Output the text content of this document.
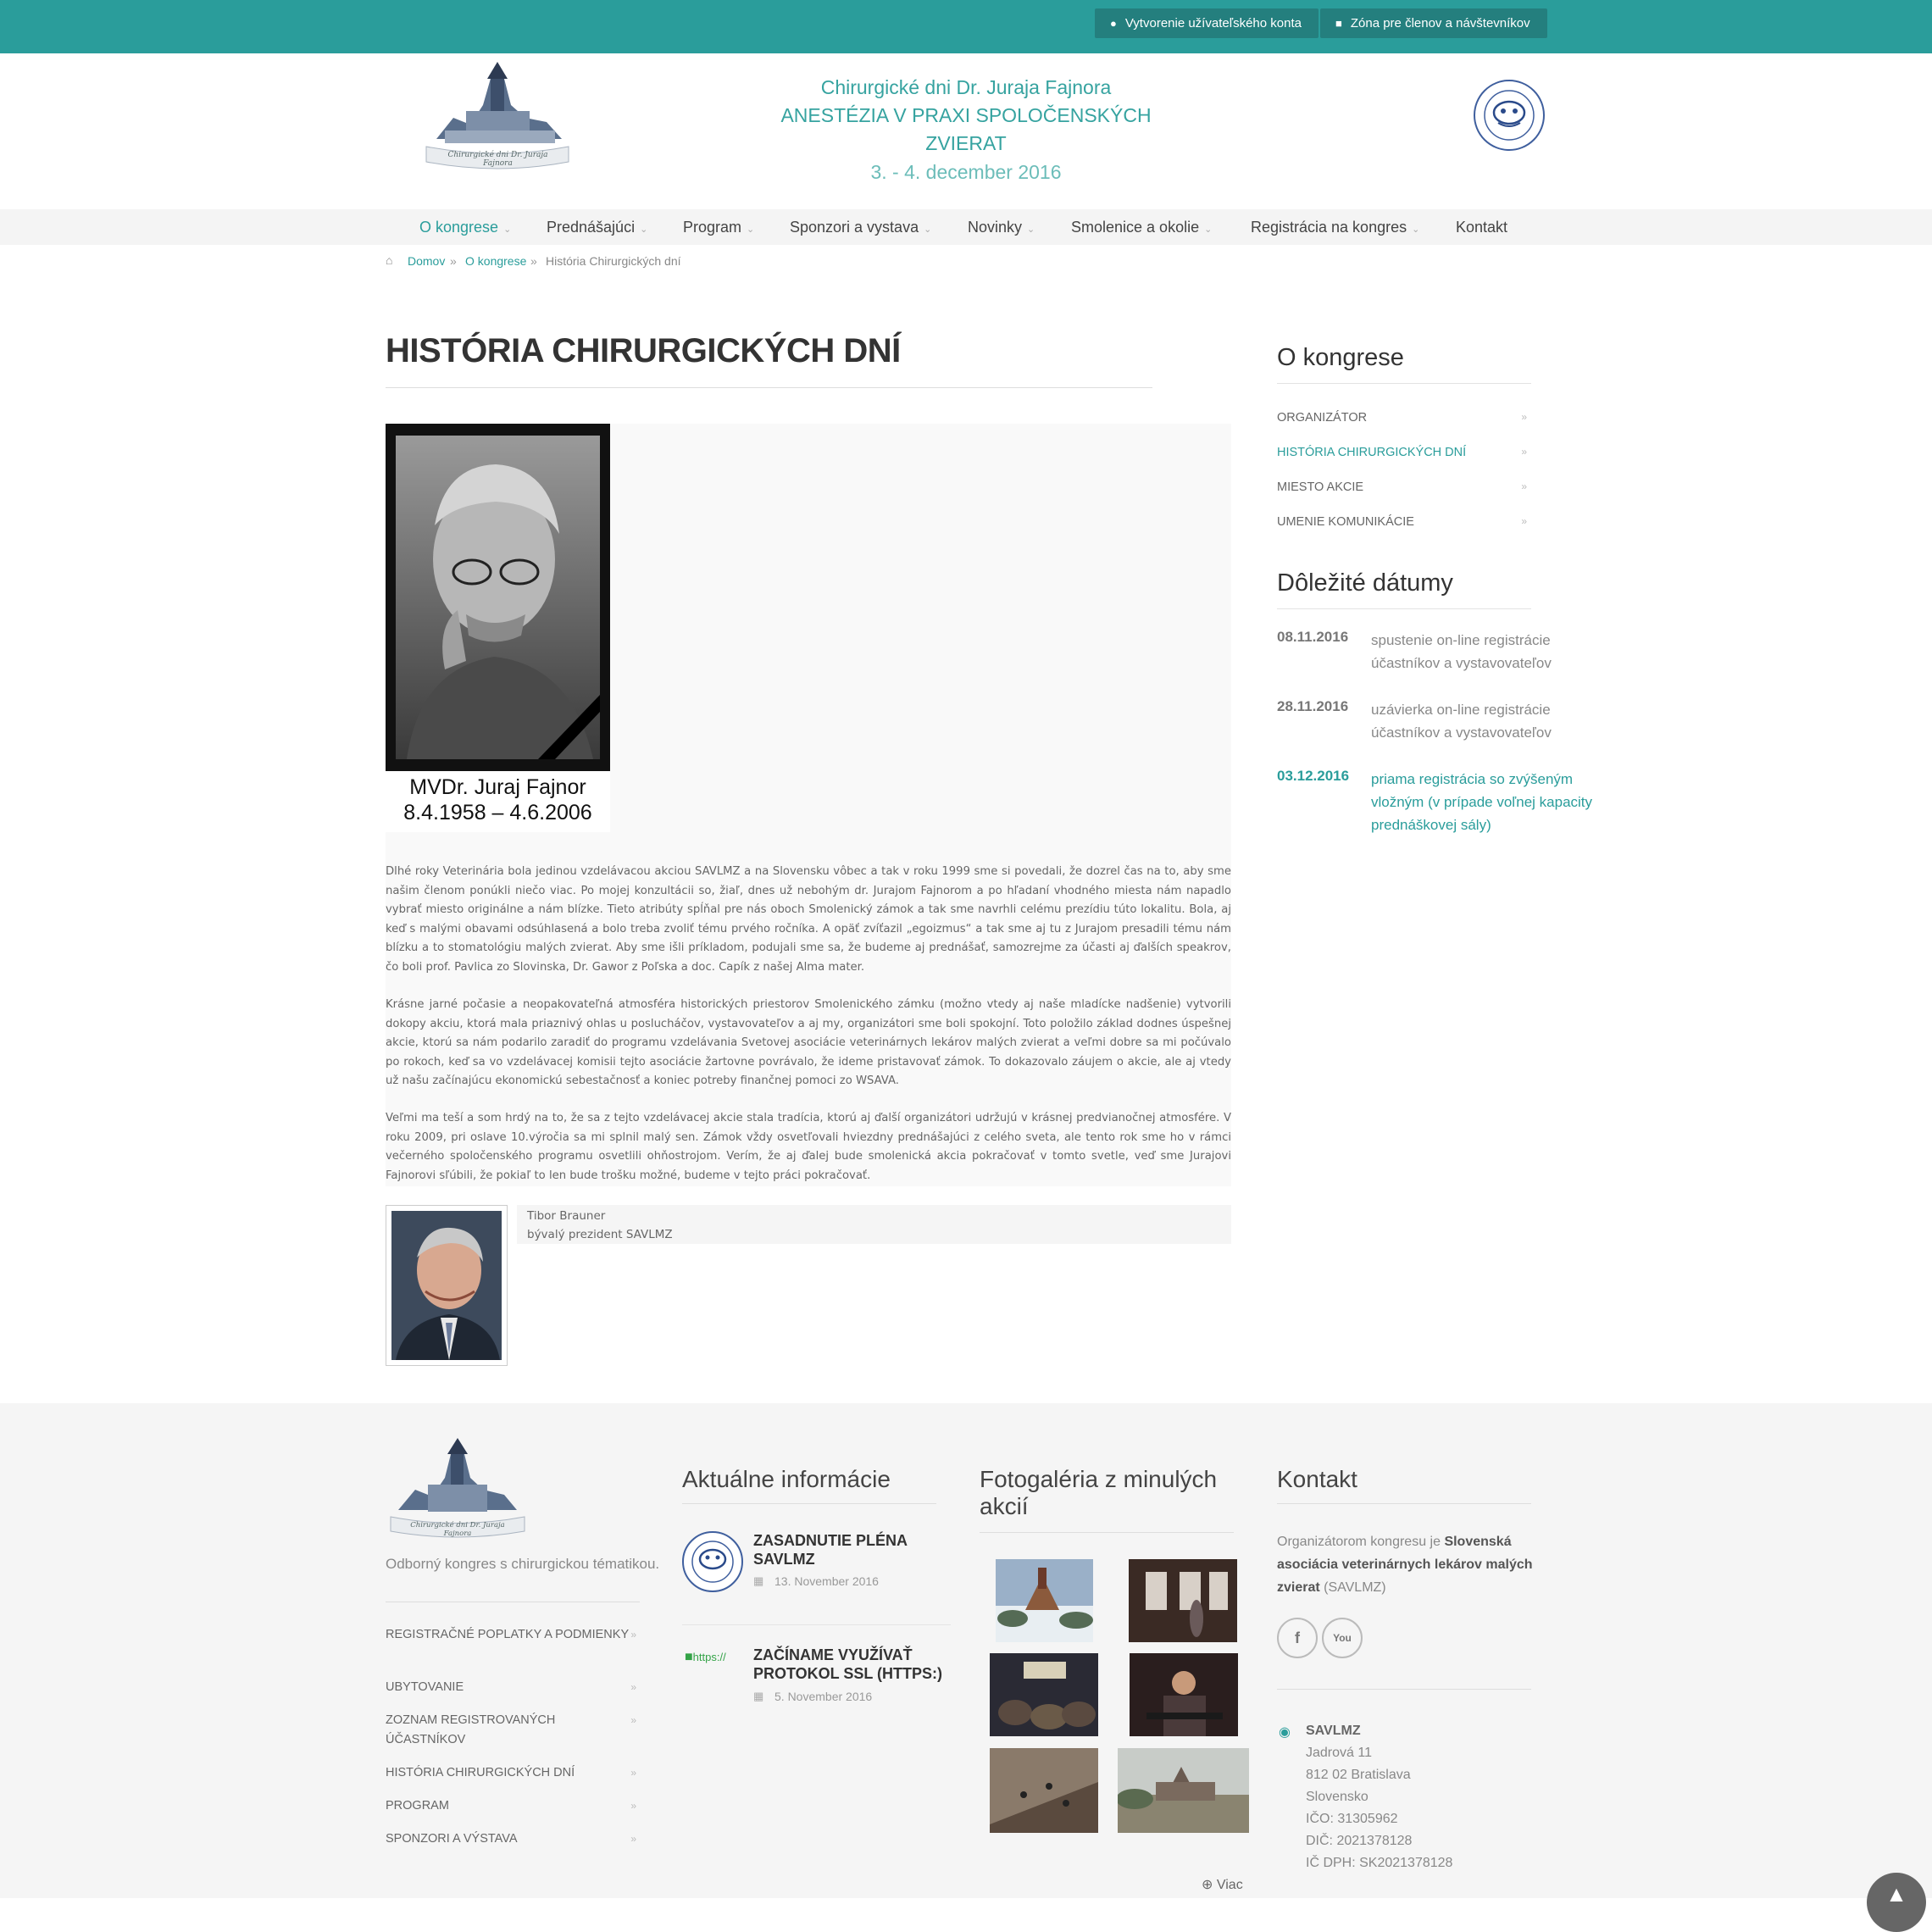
● Vytvorenie užívateľského konta	■ Zóna pre členov a návštevníkov
Chirurgické dni Dr. Juraja Fajnora
Chirurgické dni Dr. Juraja Fajnora
ANESTÉZIA V PRAXI SPOLOČENSKÝCH
ZVIERAT
3. - 4. december 2016
O kongrese ⌄ Prednášajúci ⌄ Program ⌄ Sponzori a vystava ⌄ Novinky ⌄ Smolenice a okolie ⌄	Registrácia na kongres ⌄ Kontakt
⌂ Domov » O kongrese » História Chirurgických dní
HISTÓRIA CHIRURGICKÝCH DNÍ
MVDr. Juraj Fajnor
8.4.1958 – 4.6.2006
Dlhé roky Veterinária bola jedinou vzdelávacou akciou SAVLMZ a na Slovensku vôbec a tak v roku 1999 sme si povedali, že dozrel čas na to, aby sme našim členom ponúkli niečo viac. Po mojej konzultácii so, žiaľ, dnes už nebohým dr. Jurajom Fajnorom a po hľadaní vhodného miesta nám napadlo vybrať miesto originálne a nám blízke. Tieto atribúty spĺňal pre nás oboch Smolenický zámok a tak sme navrhli celému prezídiu túto lokalitu. Bola, aj keď s malými obavami odsúhlasená a bolo treba zvoliť tému prvého ročníka. A opäť zvíťazil „egoizmus“ a tak sme aj tu z Jurajom presadili tému nám blízku a to stomatológiu malých zvierat. Aby sme išli príkladom, podujali sme sa, že budeme aj prednášať, samozrejme za účasti aj ďalších speakrov, čo boli prof. Pavlica zo Slovinska, Dr. Gawor z Poľska a doc. Capík z našej Alma mater.
Krásne jarné počasie a neopakovateľná atmosféra historických priestorov Smolenického zámku (možno vtedy aj naše mladícke nadšenie) vytvorili dokopy akciu, ktorá mala priaznivý ohlas u poslucháčov, vystavovateľov a aj my, organizátori sme boli spokojní. Toto položilo základ dodnes úspešnej akcie, ktorú sa nám podarilo zaradiť do programu vzdelávania Svetovej asociácie veterinárnych lekárov malých zvierat a veľmi dobre sa mi počúvalo po rokoch, keď sa vo vzdelávacej komisii tejto asociácie žartovne povrávalo, že ideme pristavovať zámok. To dokazovalo záujem o akcie, ale aj vtedy už našu začínajúcu ekonomickú sebestačnosť a koniec potreby finančnej pomoci zo WSAVA.
Veľmi ma teší a som hrdý na to, že sa z tejto vzdelávacej akcie stala tradícia, ktorú aj ďalší organizátori udržujú v krásnej predvianočnej atmosfére. V roku 2009, pri oslave 10.výročia sa mi splnil malý sen. Zámok vždy osvetľovali hviezdny prednášajúci z celého sveta, ale tento rok sme ho v rámci večerného spoločenského programu osvetlili ohňostrojom. Verím, že aj ďalej bude smolenická akcia pokračovať v tomto svetle, veď sme Jurajovi Fajnorovi sľúbili, že pokiaľ to len bude trošku možné, budeme v tejto práci pokračovať.
Tibor Brauner
bývalý prezident SAVLMZ
O kongrese
ORGANIZÁTOR	»
HISTÓRIA CHIRURGICKÝCH DNÍ	»
MIESTO AKCIE	»
UMENIE KOMUNIKÁCIE	»
Dôležité dátumy
08.11.2016 spustenie on-line registrácie účastníkov a vystavovateľov
28.11.2016 uzávierka on-line registrácie účastníkov a vystavovateľov
03.12.2016 priama registrácia so zvýšeným vložným (v prípade voľnej kapacity prednáškovej sály)
Chirurgické dni Dr. Juraja Fajnora
Odborný kongres s chirurgickou tématikou.
REGISTRAČNÉ POPLATKY A PODMIENKY »
UBYTOVANIE	»
ZOZNAM REGISTROVANÝCH ÚČASTNÍKOV
»
HISTÓRIA CHIRURGICKÝCH DNÍ	»
PROGRAM	»
SPONZORI A VÝSTAVA	»
Aktuálne informácie
ZASADNUTIE PLÉNA SAVLMZ
▦ 13. November 2016
■https:// ZAČÍNAME VYUŽÍVAŤ PROTOKOL SSL (HTTPS:)
▦ 5. November 2016
Fotogaléria z minulých akcií
⊕ Viac
Kontakt
Organizátorom kongresu je Slovenská asociácia veterinárnych lekárov malých zvierat (SAVLMZ)
f	You
◉ SAVLMZ
Jadrová 11
812 02 Bratislava
Slovensko
IČO: 31305962
DIČ: 2021378128
IČ DPH: SK2021378128
▲
